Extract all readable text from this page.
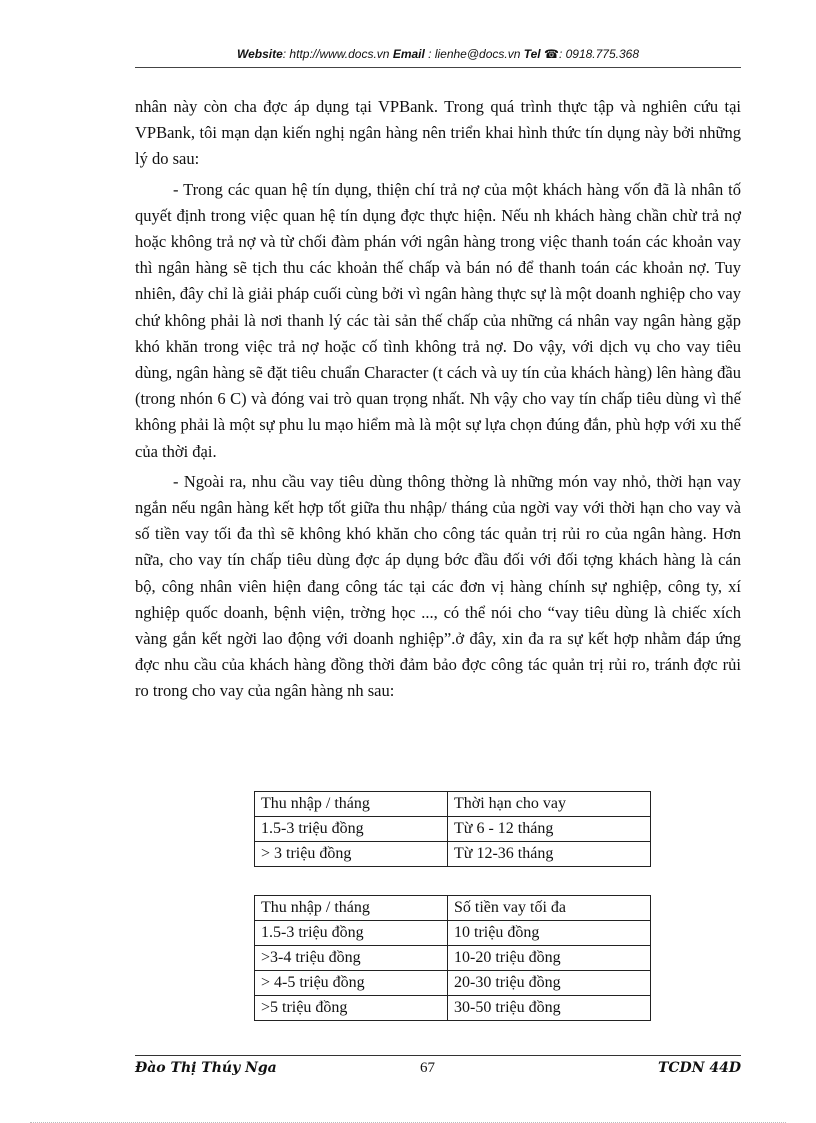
Website: http://www.docs.vn Email : lienhe@docs.vn Tel ☎: 0918.775.368

nhân này còn cha đợc áp dụng tại VPBank. Trong quá trình thực tập và nghiên cứu tại VPBank, tôi mạn dạn kiến nghị ngân hàng nên triển khai hình thức tín dụng này bởi những lý do sau:

- Trong các quan hệ tín dụng, thiện chí trả nợ của một khách hàng vốn đã là nhân tố quyết định trong việc quan hệ tín dụng đợc thực hiện. Nếu nh khách hàng chần chừ trả nợ hoặc không trả nợ và từ chối đàm phán với ngân hàng trong việc thanh toán các khoản vay thì ngân hàng sẽ tịch thu các khoản thế chấp và bán nó để thanh toán các khoản nợ. Tuy nhiên, đây chỉ là giải pháp cuối cùng bởi vì ngân hàng thực sự là một doanh nghiệp cho vay chứ không phải là nơi thanh lý các tài sản thế chấp của những cá nhân vay ngân hàng gặp khó khăn trong việc trả nợ hoặc cố tình không trả nợ. Do vậy, với dịch vụ cho vay tiêu dùng, ngân hàng sẽ đặt tiêu chuẩn Character (t cách và uy tín của khách hàng) lên hàng đầu (trong nhón 6 C) và đóng vai trò quan trọng nhất. Nh vậy cho vay tín chấp tiêu dùng vì thế không phải là một sự phu lu mạo hiểm mà là một sự lựa chọn đúng đắn, phù hợp với xu thế của thời đại.

- Ngoài ra, nhu cầu vay tiêu dùng thông thờng là những món vay nhỏ, thời hạn vay ngắn nếu ngân hàng kết hợp tốt giữa thu nhập/ tháng của ngời vay với thời hạn cho vay và số tiền vay tối đa thì sẽ không khó khăn cho công tác quản trị rủi ro của ngân hàng. Hơn nữa, cho vay tín chấp tiêu dùng đợc áp dụng bớc đầu đối với đối tợng khách hàng là cán bộ, công nhân viên hiện đang công tác tại các đơn vị hàng chính sự nghiệp, công ty, xí nghiệp quốc doanh, bệnh viện, trờng học ..., có thể nói cho “vay tiêu dùng là chiếc xích vàng gắn kết ngời lao động với doanh nghiệp”.ở đây, xin đa ra sự kết hợp nhằm đáp ứng đợc nhu cầu của khách hàng đồng thời đảm bảo đợc công tác quản trị rủi ro, tránh đợc rủi ro trong cho vay của ngân hàng nh sau:

Thu nhập / tháng	Thời hạn cho vay
1.5-3 triệu đồng	Từ 6 - 12 tháng
> 3 triệu đồng	Từ 12-36 tháng
Thu nhập / tháng	Số tiền vay tối đa
1.5-3 triệu đồng	10 triệu đồng
>3-4 triệu đồng	10-20 triệu đồng
> 4-5 triệu đồng	20-30 triệu đồng
>5 triệu đồng	30-50 triệu đồng
Đào Thị Thúy Nga	67	TCDN 44D
